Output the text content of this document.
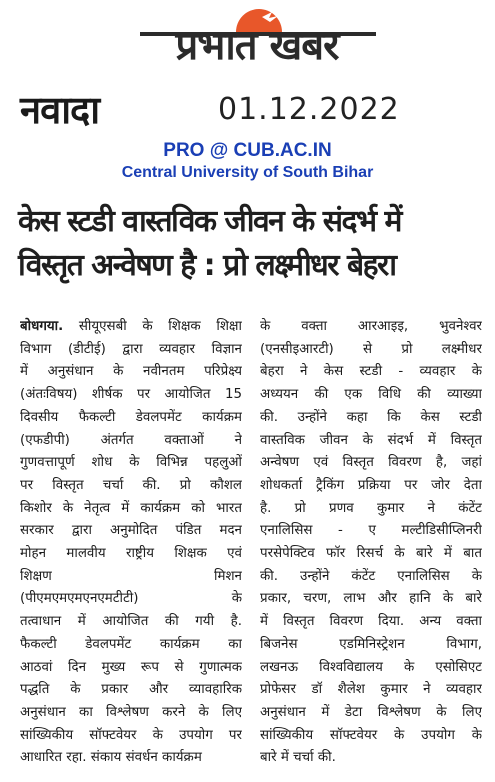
प्रभात खबर
नवादा	01.12.2022
PRO @ CUB.AC.IN
Central University of South Bihar
केस स्टडी वास्तविक जीवन के संदर्भ में
विस्तृत अन्वेषण है : प्रो लक्ष्मीधर बेहरा
बोधगया. सीयूएसबी के शिक्षक शिक्षा
विभाग (डीटीई) द्वारा व्यवहार विज्ञान
में अनुसंधान के नवीनतम परिप्रेक्ष्य
(अंतःविषय) शीर्षक पर आयोजित 15
दिवसीय फैकल्टी डेवलपमेंट कार्यक्रम
(एफडीपी) अंतर्गत वक्ताओं ने
गुणवत्तापूर्ण शोध के विभिन्न पहलुओं
पर विस्तृत चर्चा की. प्रो कौशल
किशोर के नेतृत्व में कार्यक्रम को भारत
सरकार द्वारा अनुमोदित पंडित मदन
मोहन मालवीय राष्ट्रीय शिक्षक एवं
शिक्षण मिशन
(पीएमएमएमएनएमटीटी) के
तत्वाधान में आयोजित की गयी है.
फैकल्टी डेवलपमेंट कार्यक्रम का
आठवां दिन मुख्य रूप से गुणात्मक
पद्धति के प्रकार और व्यावहारिक
अनुसंधान का विश्लेषण करने के लिए
सांख्यिकीय सॉफ्टवेयर के उपयोग पर
आधारित रहा. संकाय संवर्धन कार्यक्रम
के वक्ता आरआइइ, भुवनेश्वर
(एनसीइआरटी) से प्रो लक्ष्मीधर
बेहरा ने केस स्टडी - व्यवहार के
अध्ययन की एक विधि की व्याख्या
की. उन्होंने कहा कि केस स्टडी
वास्तविक जीवन के संदर्भ में विस्तृत
अन्वेषण एवं विस्तृत विवरण है, जहां
शोधकर्ता ट्रैकिंग प्रक्रिया पर जोर देता
है. प्रो प्रणव कुमार ने कंटेंट
एनालिसिस - ए मल्टीडिसीप्लिनरी
परसेपेक्टिव फॉर रिसर्च के बारे में बात
की. उन्होंने कंटेंट एनालिसिस के
प्रकार, चरण, लाभ और हानि के बारे
में विस्तृत विवरण दिया. अन्य वक्ता
बिजनेस एडमिनिस्ट्रेशन विभाग,
लखनऊ विश्वविद्यालय के एसोसिएट
प्रोफेसर डॉ शैलेश कुमार ने व्यवहार
अनुसंधान में डेटा विश्लेषण के लिए
सांख्यिकीय सॉफ्टवेयर के उपयोग के
बारे में चर्चा की.
